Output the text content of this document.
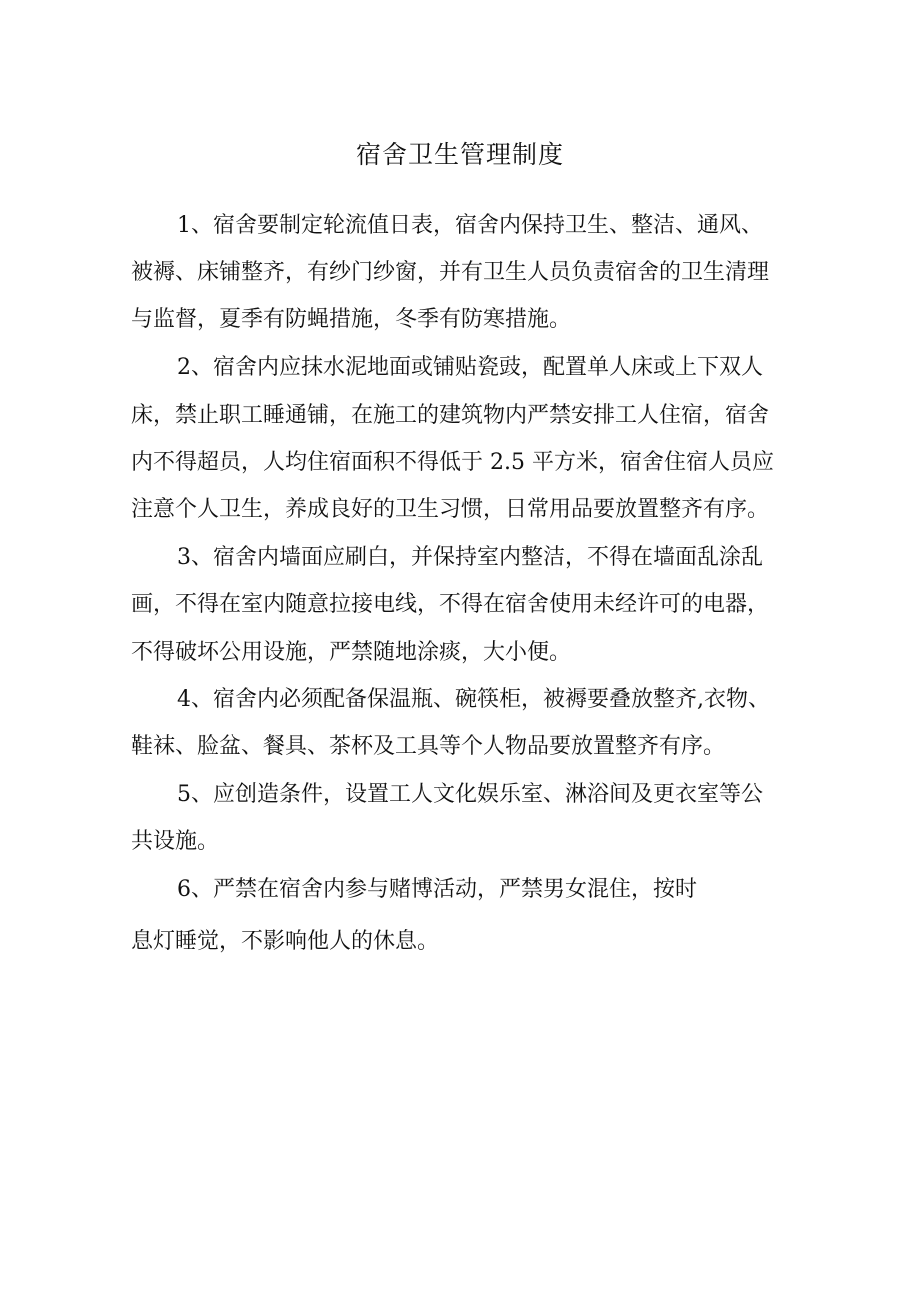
宿舍卫生管理制度
1、宿舍要制定轮流值日表，宿舍内保持卫生、整洁、通风、
被褥、床铺整齐，有纱门纱窗，并有卫生人员负责宿舍的卫生清理
与监督，夏季有防蝇措施，冬季有防寒措施。
2、宿舍内应抹水泥地面或铺贴瓷豉，配置单人床或上下双人
床，禁止职工睡通铺，在施工的建筑物内严禁安排工人住宿，宿舍
内不得超员，人均住宿面积不得低于 2.5 平方米，宿舍住宿人员应
注意个人卫生，养成良好的卫生习惯，日常用品要放置整齐有序。
3、宿舍内墙面应刷白，并保持室内整洁，不得在墙面乱涂乱
画，不得在室内随意拉接电线，不得在宿舍使用未经许可的电器，
不得破坏公用设施，严禁随地涂痰，大小便。
4、宿舍内必须配备保温瓶、碗筷柜，被褥要叠放整齐,衣物、
鞋袜、脸盆、餐具、茶杯及工具等个人物品要放置整齐有序。
5、应创造条件，设置工人文化娱乐室、淋浴间及更衣室等公
共设施。
6、严禁在宿舍内参与赌博活动，严禁男女混住，按时
息灯睡觉，不影响他人的休息。
